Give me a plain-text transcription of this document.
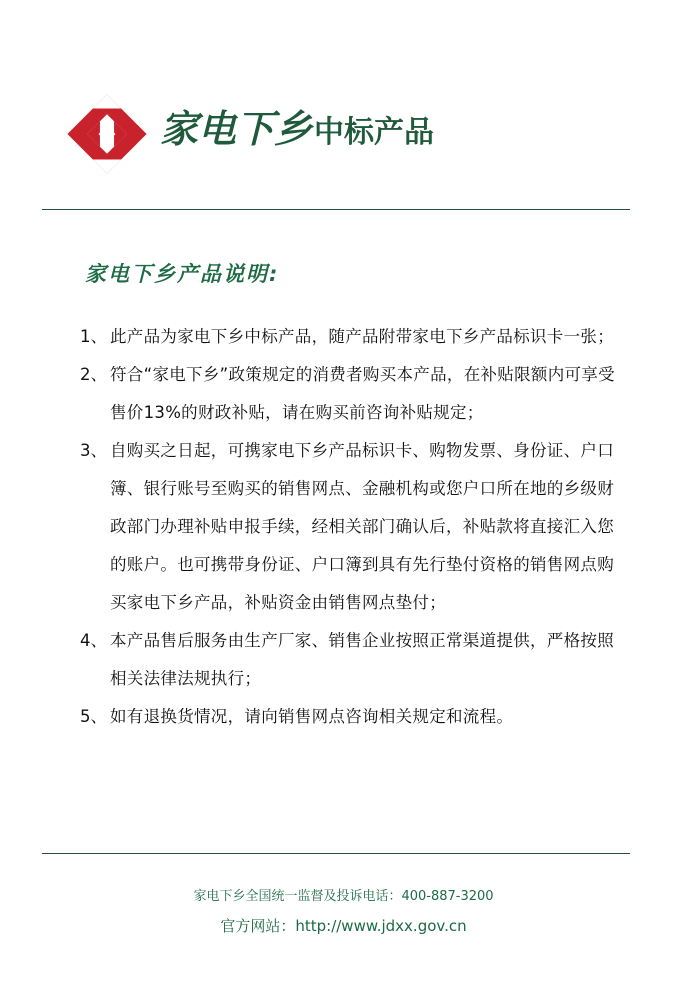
家电下乡中标产品
家电下乡产品说明:
1、 此产品为家电下乡中标产品，随产品附带家电下乡产品标识卡一张；
2、 符合“家电下乡”政策规定的消费者购买本产品，在补贴限额内可享受售价13%的财政补贴，请在购买前咨询补贴规定；
3、 自购买之日起，可携家电下乡产品标识卡、购物发票、身份证、户口簿、银行账号至购买的销售网点、金融机构或您户口所在地的乡级财政部门办理补贴申报手续，经相关部门确认后，补贴款将直接汇入您的账户。也可携带身份证、户口簿到具有先行垫付资格的销售网点购买家电下乡产品，补贴资金由销售网点垫付；
4、 本产品售后服务由生产厂家、销售企业按照正常渠道提供，严格按照相关法律法规执行；
5、 如有退换货情况，请向销售网点咨询相关规定和流程。
家电下乡全国统一监督及投诉电话：400-887-3200
官方网站：http://www.jdxx.gov.cn
